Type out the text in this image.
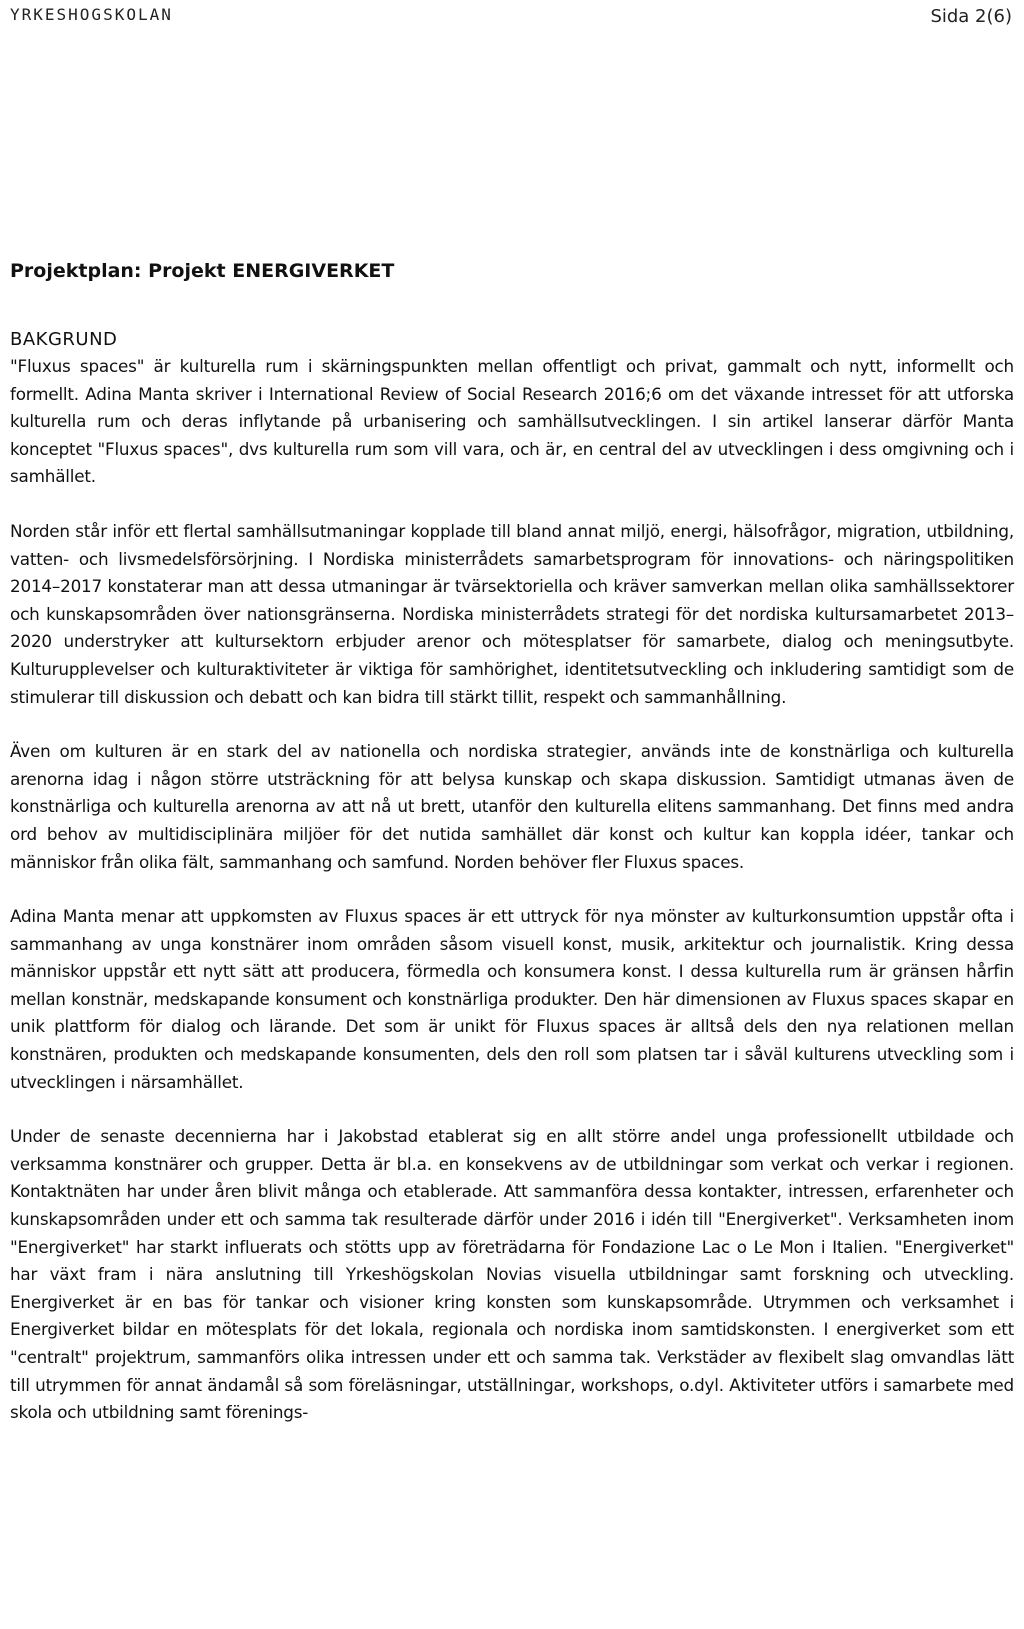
YRKESHOGSKOLAN	Sida 2(6)
Projektplan: Projekt ENERGIVERKET
BAKGRUND

"Fluxus spaces" är kulturella rum i skärningspunkten mellan offentligt och privat, gammalt och nytt, informellt och formellt. Adina Manta skriver i International Review of Social Research 2016;6 om det växande intresset för att utforska kulturella rum och deras inflytande på urbanisering och samhällsutvecklingen. I sin artikel lanserar därför Manta konceptet "Fluxus spaces", dvs kulturella rum som vill vara, och är, en central del av utvecklingen i dess omgivning och i samhället.

Norden står inför ett flertal samhällsutmaningar kopplade till bland annat miljö, energi, hälsofrågor, migration, utbildning, vatten- och livsmedelsförsörjning. I Nordiska ministerrådets samarbetsprogram för innovations- och näringspolitiken 2014–2017 konstaterar man att dessa utmaningar är tvärsektoriella och kräver samverkan mellan olika samhällssektorer och kunskapsområden över nationsgränserna. Nordiska ministerrådets strategi för det nordiska kultursamarbetet 2013–2020 understryker att kultursektorn erbjuder arenor och mötesplatser för samarbete, dialog och meningsutbyte. Kulturupplevelser och kulturaktiviteter är viktiga för samhörighet, identitetsutveckling och inkludering samtidigt som de stimulerar till diskussion och debatt och kan bidra till stärkt tillit, respekt och sammanhållning.

Även om kulturen är en stark del av nationella och nordiska strategier, används inte de konstnärliga och kulturella arenorna idag i någon större utsträckning för att belysa kunskap och skapa diskussion. Samtidigt utmanas även de konstnärliga och kulturella arenorna av att nå ut brett, utanför den kulturella elitens sammanhang. Det finns med andra ord behov av multidisciplinära miljöer för det nutida samhället där konst och kultur kan koppla idéer, tankar och människor från olika fält, sammanhang och samfund. Norden behöver fler Fluxus spaces.

Adina Manta menar att uppkomsten av Fluxus spaces är ett uttryck för nya mönster av kulturkonsumtion uppstår ofta i sammanhang av unga konstnärer inom områden såsom visuell konst, musik, arkitektur och journalistik. Kring dessa människor uppstår ett nytt sätt att producera, förmedla och konsumera konst. I dessa kulturella rum är gränsen hårfin mellan konstnär, medskapande konsument och konstnärliga produkter. Den här dimensionen av Fluxus spaces skapar en unik plattform för dialog och lärande. Det som är unikt för Fluxus spaces är alltså dels den nya relationen mellan konstnären, produkten och medskapande konsumenten, dels den roll som platsen tar i såväl kulturens utveckling som i utvecklingen i närsamhället.

Under de senaste decennierna har i Jakobstad etablerat sig en allt större andel unga professionellt utbildade och verksamma konstnärer och grupper. Detta är bl.a. en konsekvens av de utbildningar som verkat och verkar i regionen. Kontaktnäten har under åren blivit många och etablerade. Att sammanföra dessa kontakter, intressen, erfarenheter och kunskapsområden under ett och samma tak resulterade därför under 2016 i idén till "Energiverket". Verksamheten inom "Energiverket" har starkt influerats och stötts upp av företrädarna för Fondazione Lac o Le Mon i Italien. "Energiverket" har växt fram i nära anslutning till Yrkeshögskolan Novias visuella utbildningar samt forskning och utveckling. Energiverket är en bas för tankar och visioner kring konsten som kunskapsområde. Utrymmen och verksamhet i Energiverket bildar en mötesplats för det lokala, regionala och nordiska inom samtidskonsten. I energiverket som ett "centralt" projektrum, sammanförs olika intressen under ett och samma tak. Verkstäder av flexibelt slag omvandlas lätt till utrymmen för annat ändamål så som föreläsningar, utställningar, workshops, o.dyl. Aktiviteter utförs i samarbete med skola och utbildning samt förenings-
